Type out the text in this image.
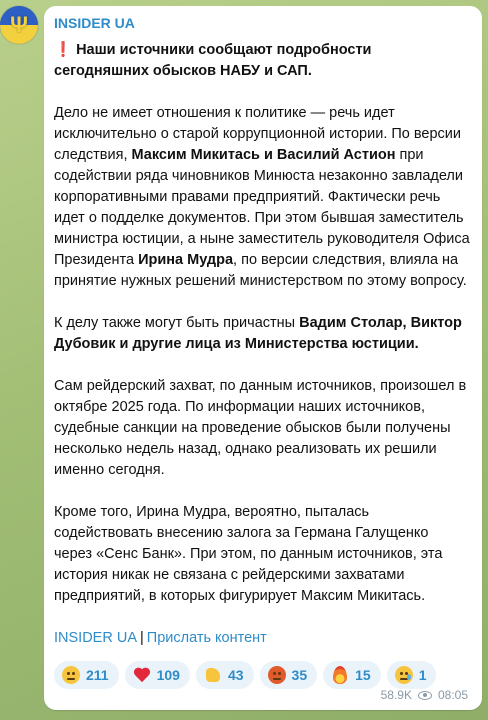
Ψ	INSIDER UA

❗ Наши источники сообщают подробности сегодняшних обысков НАБУ и САП.

Дело не имеет отношения к политике — речь идет исключительно о старой коррупционной истории. По версии следствия, Максим Микитась и Василий Астион при содействии ряда чиновников Минюста незаконно завладели корпоративными правами предприятий. Фактически речь идет о подделке документов. При этом бывшая заместитель министра юстиции, а ныне заместитель руководителя Офиса Президента Ирина Мудра, по версии следствия, влияла на принятие нужных решений министерством по этому вопросу.

К делу также могут быть причастны Вадим Столар, Виктор Дубовик и другие лица из Министерства юстиции.

Сам рейдерский захват, по данным источников, произошел в октябре 2025 года. По информации наших источников, судебные санкции на проведение обысков были получены несколько недель назад, однако реализовать их решили именно сегодня.

Кроме того, Ирина Мудра, вероятно, пыталась содействовать внесению залога за Германа Галущенко через «Сенс Банк». При этом, по данным источников, эта история никак не связана с рейдерскими захватами предприятий, в которых фигурирует Максим Микитась.

INSIDER UA | Прислать контент
211	109	43	35	15	1
58.9K 08:05
